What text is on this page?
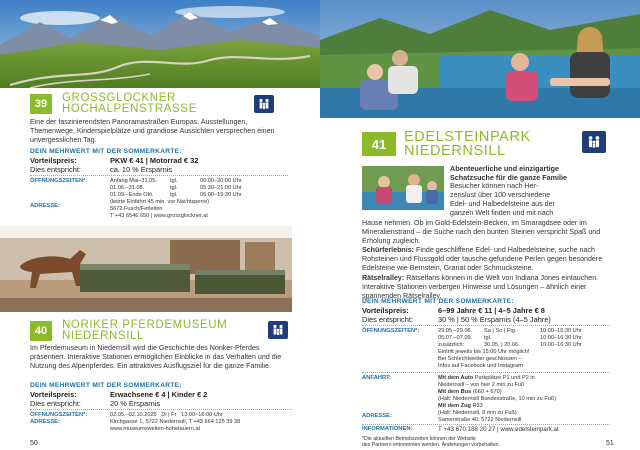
39	GROSSGLOCKNER
HOCHALPENSTRASSE
Eine der faszinierendsten Panoramastraßen Europas. Ausstellungen, Themenwege, Kinderspielplätze und grandiose Aussichten versprechen einen unvergesslichen Tag.
DEIN MEHRWERT MIT DER SOMMERKARTE:
Vorteilspreis:	PKW € 41 | Motorrad € 32
Dies entspricht:	ca. 10 % Ersparnis
ÖFFNUNGSZEITEN*:	Anfang Mai–31.05. tgl.	06:00–20:00 Uhr
01.06.–31.08.	tgl.	05:30–21:00 Uhr
01.09.–Ende Okt.	tgl.	06:00–19:30 Uhr
(letzte Einfahrt 45 min. vor Nachtsperre)
ADRESSE:	5672 Fusch/Ferleiten
T +43 6546 650 | www.grossglockner.at
40	NORIKER PFERDEMUSEUM
NIEDERNSILL
Im Pferdemuseum in Niedernsill wird die Geschichte des Noriker-Pferdes präsentiert. Interaktive Stationen ermöglichen Einblicke in das Verhalten und die Nutzung des Alpenpferdes. Ein attraktives Ausflugsziel für die ganze Familie.
DEIN MEHRWERT MIT DER SOMMERKARTE:
Vorteilspreis:	Erwachsene € 4 | Kinder € 2
Dies entspricht:	20 % Ersparnis
ÖFFNUNGSZEITEN*:	02.05.–02.10.2025   Di | Fr   13:00–16:00 Uhr
ADRESSE:	Kirchgasse 1, 5722 Niedernsill, T +43 664 125 39 38
www.museumswelten-hohetauern.at
50
41	EDELSTEINPARK
NIEDERNSILL
Abenteuerliche und einzigartige
Schatzsuche für die ganze Familie
Besucher können nach Her-
zenslust über 100 verschiedene
Edel- und Halbedelsteine aus der
ganzen Welt finden und mit nach
Hause nehmen. Ob im Gold-Edelstein-Becken, im Smaragdsee oder im Mineralienstrand – die Suche nach den bunten Steinen verspricht Spaß und Erholung zugleich.
Schürferlebnis: Finde geschliffene Edel- und Halbedelsteine, suche nach Rohsteinen und Flussgold oder tausche gefundene Perlen gegen besondere Edelsteine wie Bernstein, Granat oder Schmucksteine.
Rätselralley: Rätselfans können in die Welt von Indiana Jones eintauchen. Interaktive Stationen verbergen Hinweise und Lösungen – ähnlich einer spannenden Rätselralley.
DEIN MEHRWERT MIT DER SOMMERKARTE:
Vorteilspreis:	6–99 Jahre € 11 | 4–5 Jahre € 8
Dies entspricht:	30 % | 50 % Ersparnis (4–5 Jahre)
ÖFFNUNGSZEITEN*:	29.05.–29.06. Sa | So | Ftg.	10:00–16:30 Uhr
05.07.–07.09. tgl.	10:00–16:30 Uhr
zusätzlich:	30.05. | 20.06.	10:00–16:30 Uhr
Eintritt jeweils bis 15:00 Uhr möglich!
Bei Schlechtwetter geschlossen –
Infos auf Facebook und Instagram
ANFAHRT:	Mit dem Auto Parkplätze P1 und P2 in
Niedernsill – von hier 2 min zu Fuß
Mit dem Bus (660 + 670)
(Halt: Niedernsill Bundesstraße, 10 min zu Fuß)
Mit dem Zug R33
(Halt: Niedernsill, 8 min zu Fuß)
ADRESSE:
Samerstraße 40, 5722 Niedernsill
INFORMATIONEN:	T +43 670 188 20 27 | www.edelsteinpark.at
*Die aktuellen Betriebszeiten können der Website
des Partners entnommen werden. Änderungen vorbehalten.	51
